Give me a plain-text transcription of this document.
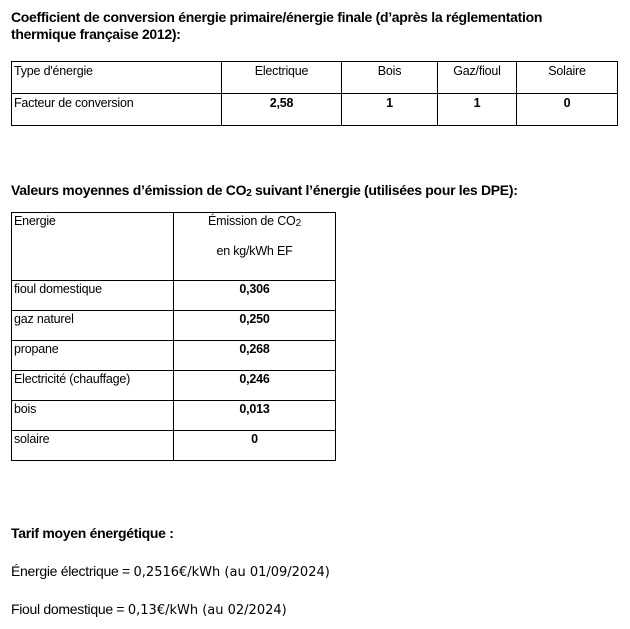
Coefficient de conversion énergie primaire/énergie finale (d’après la réglementation
thermique française 2012):
Type d'énergie	Electrique	Bois	Gaz/fioul	Solaire
Facteur de conversion	2,58	1	1	0
Valeurs moyennes d’émission de $CO_2$ suivant l’énergie (utilisées pour les DPE):
Energie	Émission de $CO_2$
en kg/kWh EF

fioul domestique	0,306
gaz naturel	0,250
propane	0,268
Electricité (chauffage)	0,246
bois	0,013
solaire	0
Tarif moyen énergétique :
Énergie électrique = 0,2516€/kWh (au 01/09/2024)
Fioul domestique = 0,13€/kWh (au 02/2024)
